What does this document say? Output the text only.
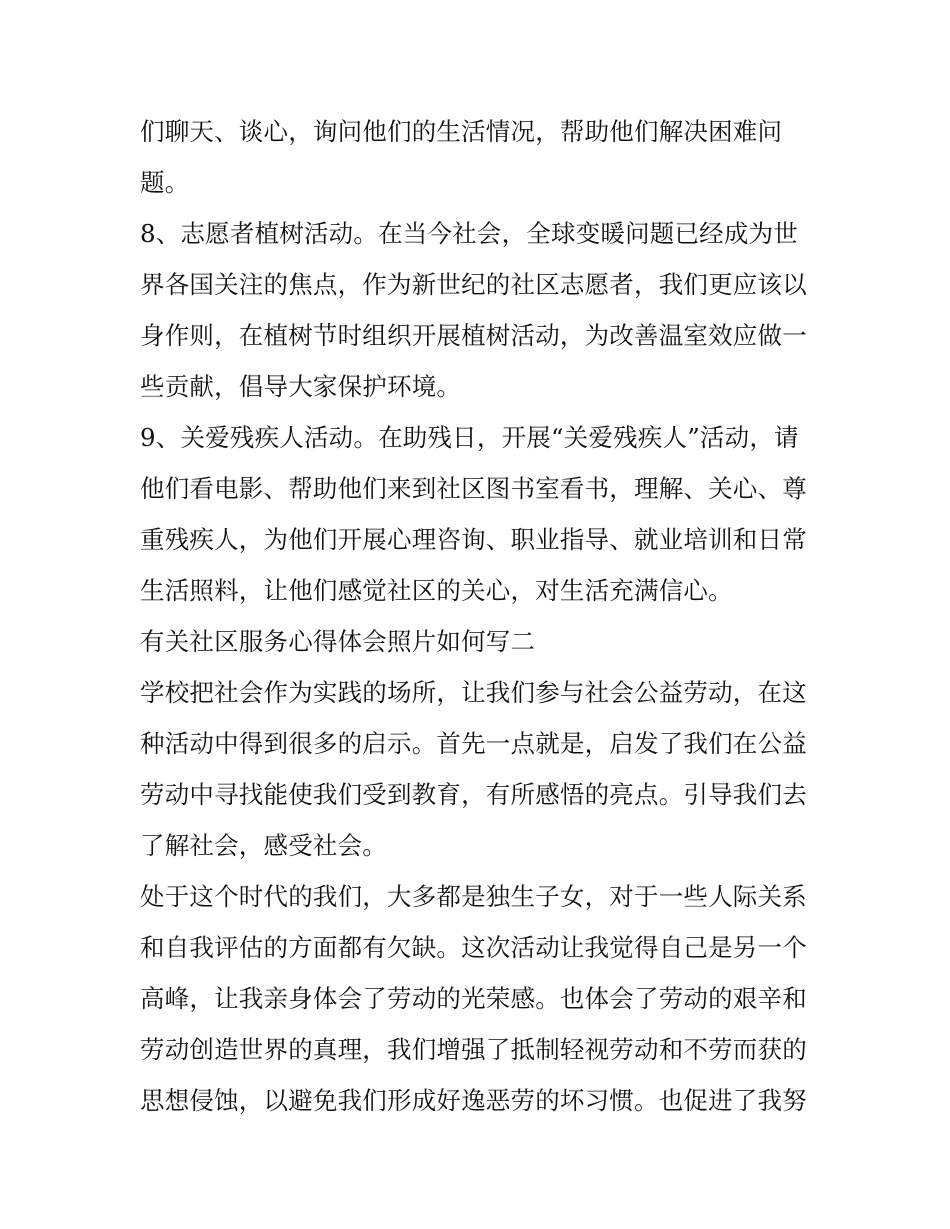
们聊天、谈心，询问他们的生活情况，帮助他们解决困难问
题。
8、志愿者植树活动。在当今社会，全球变暖问题已经成为世
界各国关注的焦点，作为新世纪的社区志愿者，我们更应该以
身作则，在植树节时组织开展植树活动，为改善温室效应做一
些贡献，倡导大家保护环境。
9、关爱残疾人活动。在助残日，开展“关爱残疾人”活动，请
他们看电影、帮助他们来到社区图书室看书，理解、关心、尊
重残疾人，为他们开展心理咨询、职业指导、就业培训和日常
生活照料，让他们感觉社区的关心，对生活充满信心。
有关社区服务心得体会照片如何写二
学校把社会作为实践的场所，让我们参与社会公益劳动，在这
种活动中得到很多的启示。首先一点就是，启发了我们在公益
劳动中寻找能使我们受到教育，有所感悟的亮点。引导我们去
了解社会，感受社会。
处于这个时代的我们，大多都是独生子女，对于一些人际关系
和自我评估的方面都有欠缺。这次活动让我觉得自己是另一个
高峰，让我亲身体会了劳动的光荣感。也体会了劳动的艰辛和
劳动创造世界的真理，我们增强了抵制轻视劳动和不劳而获的
思想侵蚀，以避免我们形成好逸恶劳的坏习惯。也促进了我努
